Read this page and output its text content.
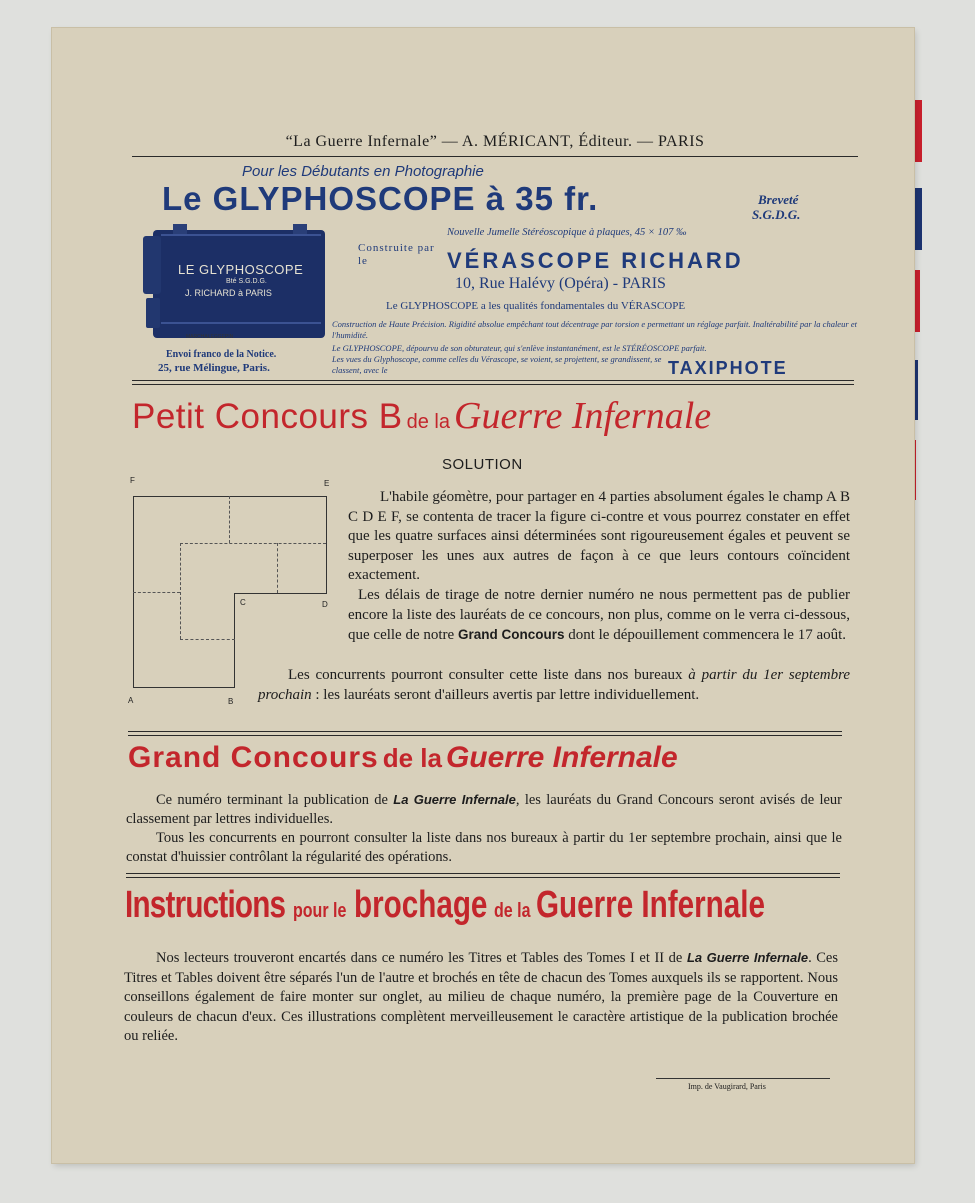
“La Guerre Infernale” — A. MÉRICANT, Éditeur. — PARIS
Pour les Débutants en Photographie
Le GLYPHOSCOPE à 35 fr.	Breveté
S.G.D.G.
Nouvelle Jumelle Stéréoscopique à plaques, 45 × 107 ‰
LE GLYPHOSCOPE
Bté S.G.D.G.
J. RICHARD à PARIS
MARCHALEGGEPIN
Envoi franco de la Notice.
25, rue Mélingue, Paris.
Construite par le	VÉRASCOPE RICHARD
10, Rue Halévy (Opéra) - PARIS
Le GLYPHOSCOPE a les qualités fondamentales du VÉRASCOPE
Construction de Haute Précision. Rigidité absolue empêchant tout décentrage par torsion e permettant un réglage parfait. Inaltérabilité par la chaleur et l'humidité.
Le GLYPHOSCOPE, dépourvu de son obturateur, qui s'enlève instantanément, est le STÉRÉOSCOPE parfait.
Les vues du Glyphoscope, comme celles du Vérascope, se voient, se projettent, se grandissent, se classent, avec le	TAXIPHOTE
Petit Concours B de la Guerre Infernale
SOLUTION
F	E
C	D
A	B
L'habile géomètre, pour partager en 4 parties absolument égales le champ A B C D E F, se contenta de tracer la figure ci-contre et vous pourrez constater en effet que les quatre surfaces ainsi déterminées sont rigoureusement égales et peuvent se superposer les unes aux autres de façon à ce que leurs contours coïncident exactement.
Les délais de tirage de notre dernier numéro ne nous permettent pas de publier encore la liste des lauréats de ce concours, non plus, comme on le verra ci-dessous, que celle de notre Grand Concours dont le dépouillement commencera le 17 août.
Les concurrents pourront consulter cette liste dans nos bureaux à partir du 1er septembre prochain : les lauréats seront d'ailleurs avertis par lettre individuellement.
Grand Concours de la Guerre Infernale
Ce numéro terminant la publication de La Guerre Infernale, les lauréats du Grand Concours seront avisés de leur classement par lettres individuelles.
Tous les concurrents en pourront consulter la liste dans nos bureaux à partir du 1er septembre prochain, ainsi que le constat d'huissier contrôlant la régularité des opérations.
Instructions pour le brochage de la Guerre Infernale
Nos lecteurs trouveront encartés dans ce numéro les Titres et Tables des Tomes I et II de La Guerre Infernale. Ces Titres et Tables doivent être séparés l'un de l'autre et brochés en tête de chacun des Tomes auxquels ils se rapportent. Nous conseillons également de faire monter sur onglet, au milieu de chaque numéro, la première page de la Couverture en couleurs de chacun d'eux. Ces illustrations complètent merveilleusement le caractère artistique de la publication brochée ou reliée.
Imp. de Vaugirard, Paris
